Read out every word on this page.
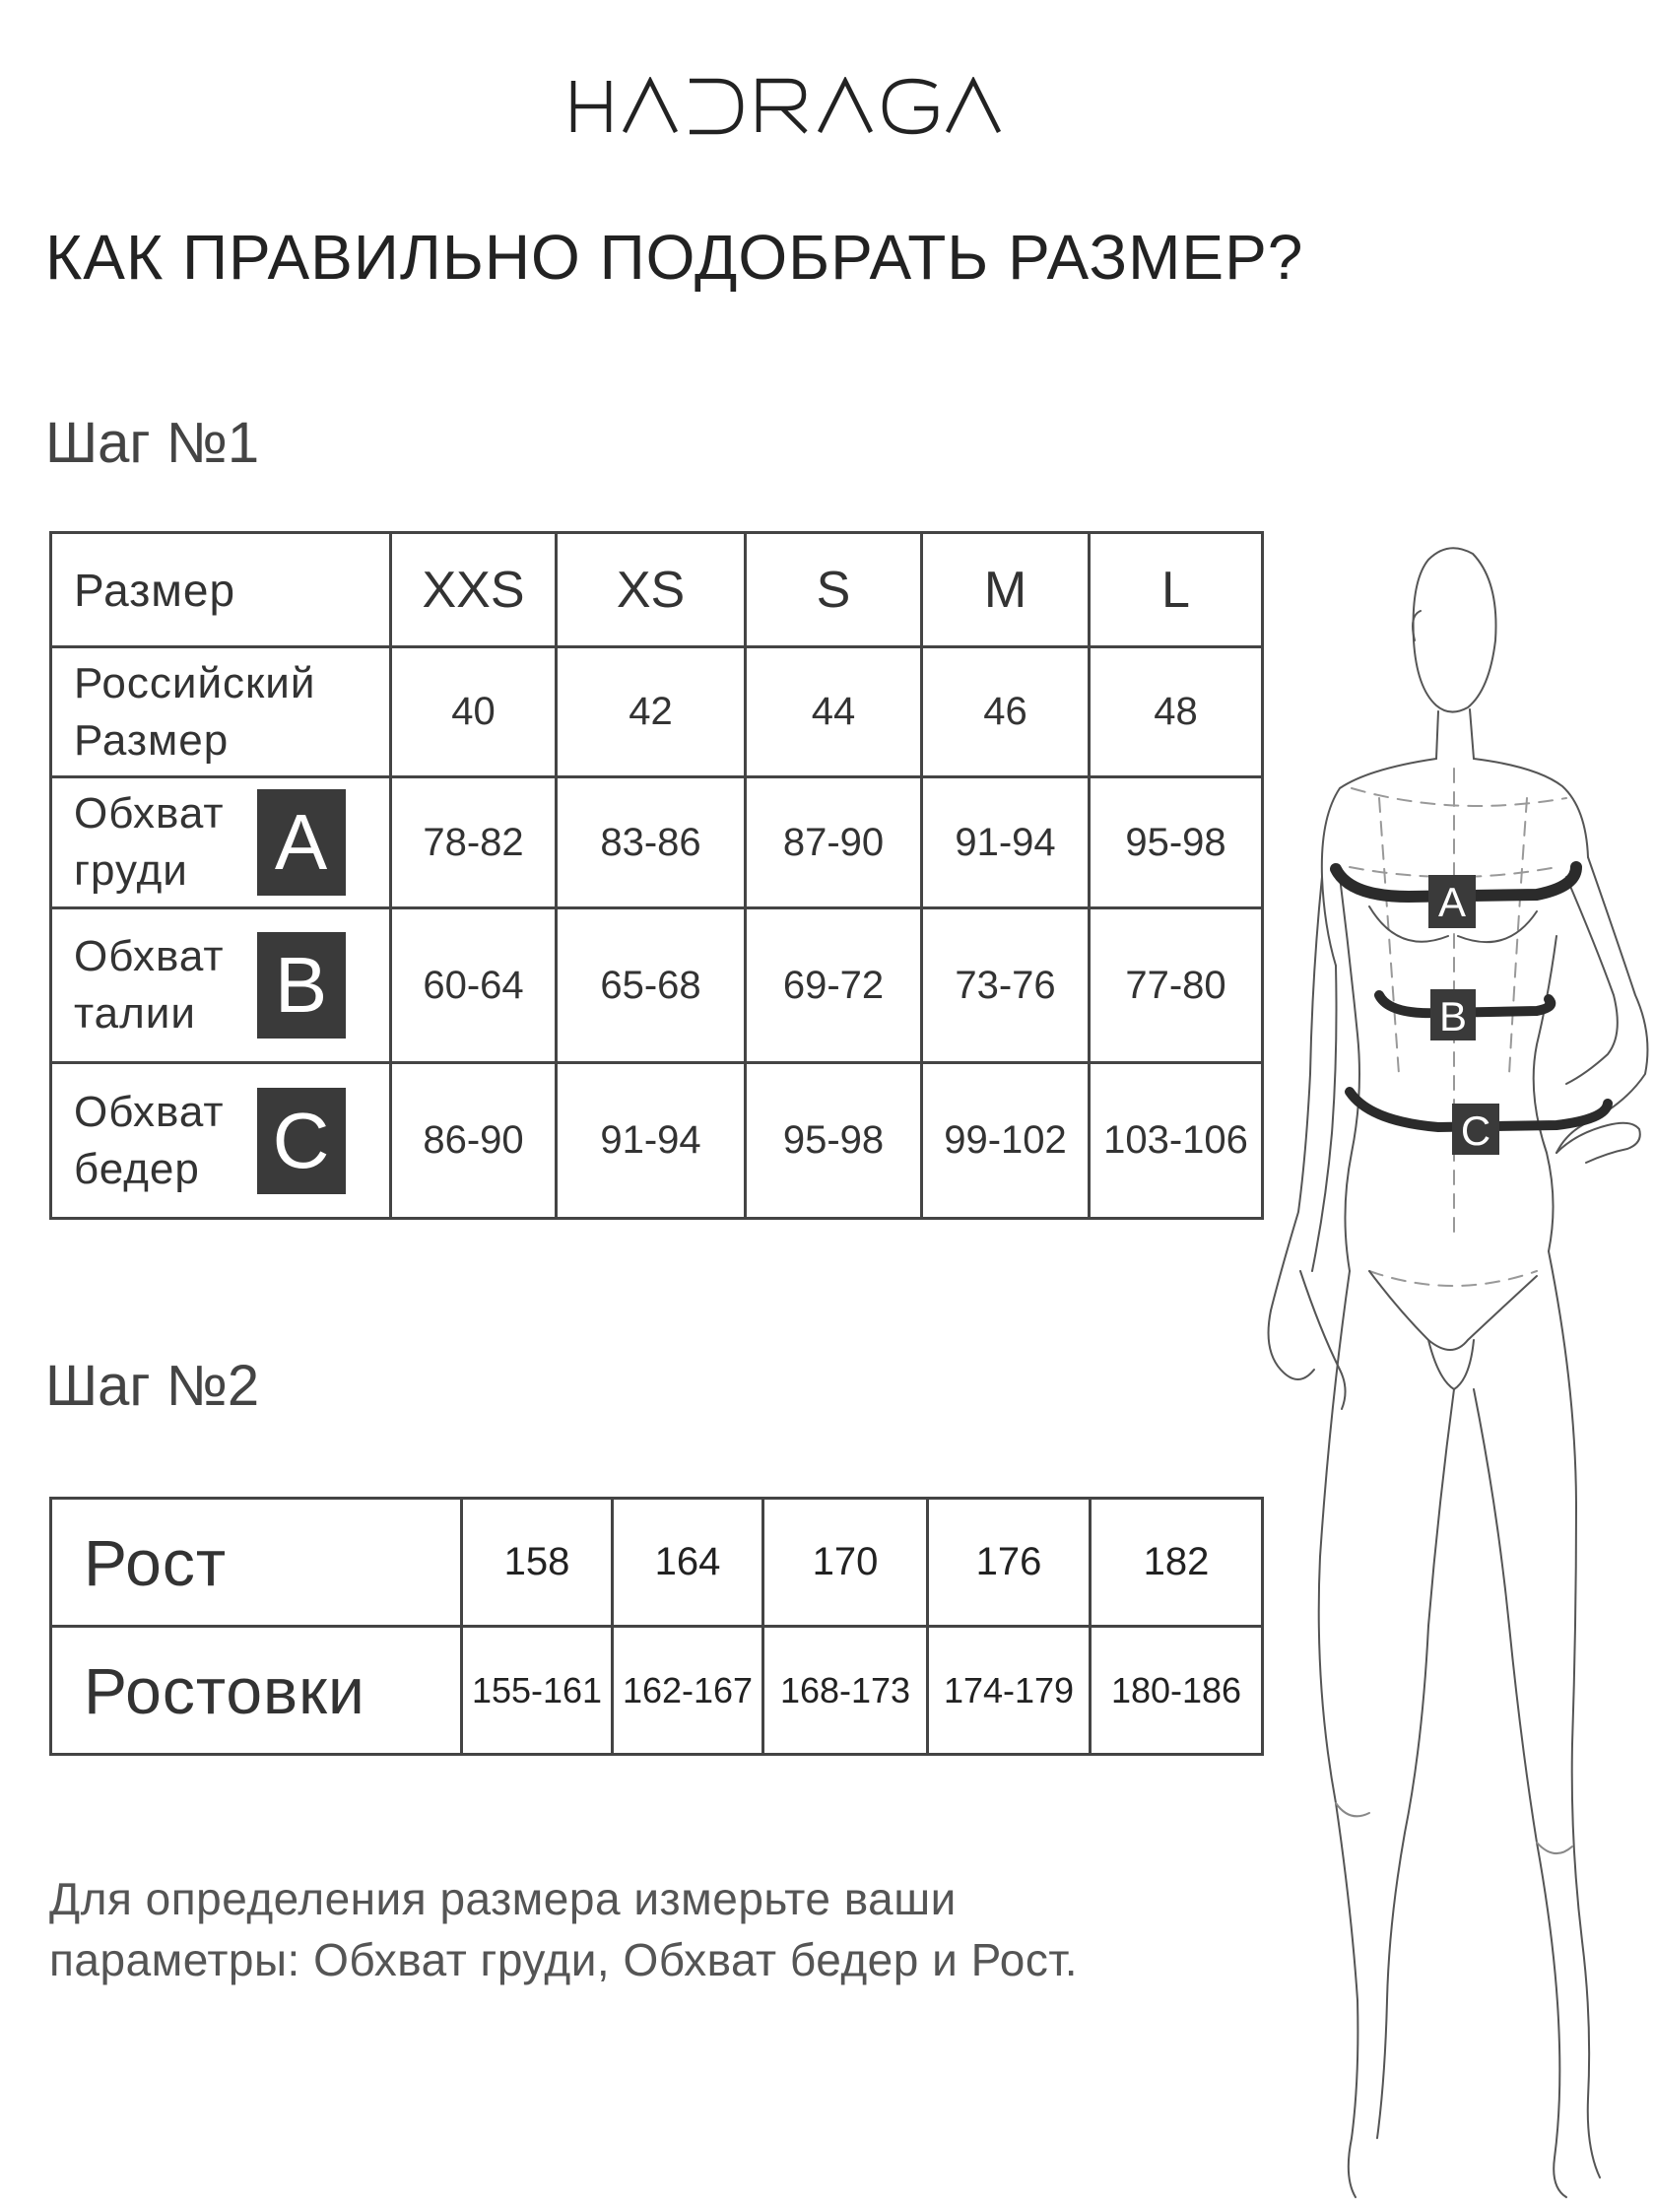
КАК ПРАВИЛЬНО ПОДОБРАТЬ РАЗМЕР?
Шаг №1
Размер	XXS	XS	S	M	L

Российский
Размер	40	42	44	46	48

Обхват
груди A	78-82	83-86	87-90	91-94	95-98

Обхват
талии B	60-64	65-68	69-72	73-76	77-80

Обхват
бедер C	86-90	91-94	95-98	99-102	103-106
Шаг №2
Рост	158	164	170	176	182
Ростовки	155-161	162-167	168-173	174-179	180-186

Для определения размера измерьте ваши
параметры: Обхват груди, Обхват бедер и Рост.

A
B
C
